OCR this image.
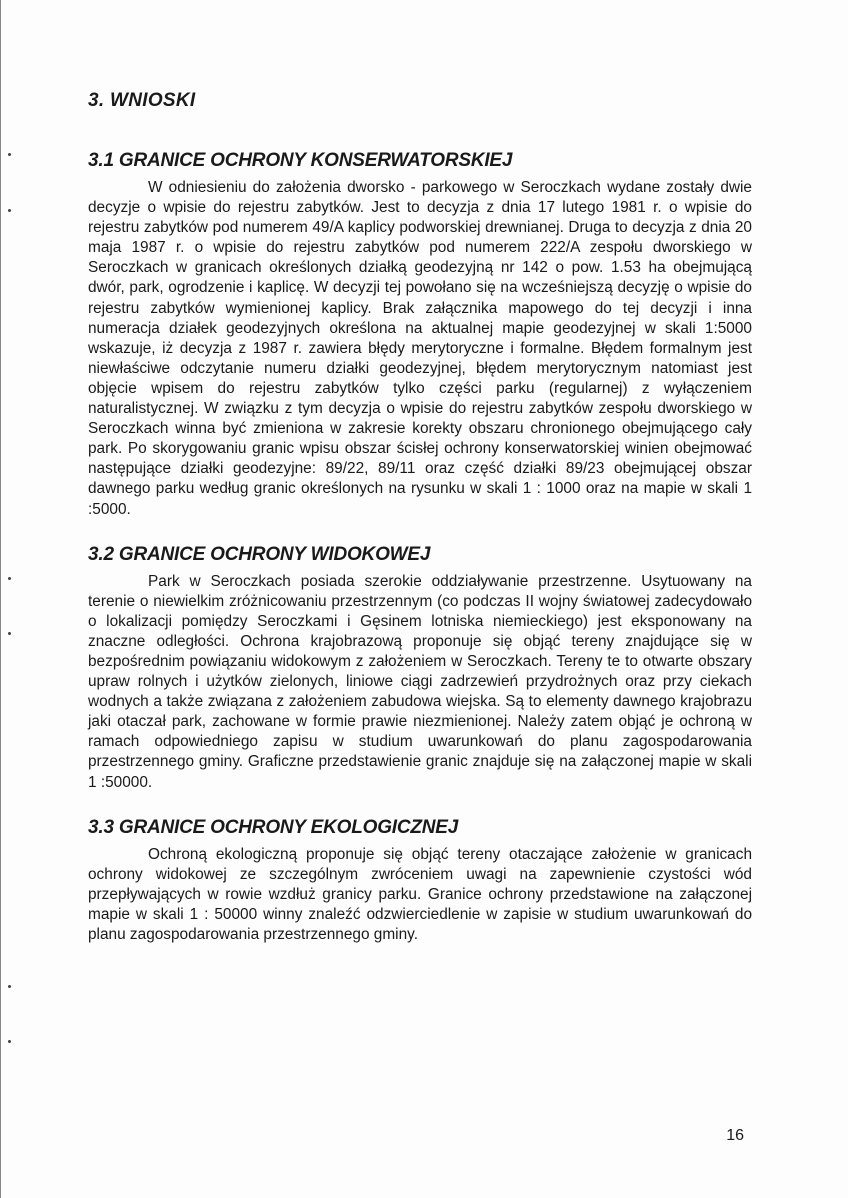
3. WNIOSKI
3.1 GRANICE OCHRONY KONSERWATORSKIEJ

W odniesieniu do założenia dworsko - parkowego w Seroczkach wydane zostały dwie decyzje o wpisie do rejestru zabytków. Jest to decyzja z dnia 17 lutego 1981 r. o wpisie do rejestru zabytków pod numerem 49/A kaplicy podworskiej drewnianej. Druga to decyzja z dnia 20 maja 1987 r. o wpisie do rejestru zabytków pod numerem 222/A zespołu dworskiego w Seroczkach w granicach określonych działką geodezyjną nr 142 o pow. 1.53 ha obejmującą dwór, park, ogrodzenie i kaplicę. W decyzji tej powołano się na wcześniejszą decyzję o wpisie do rejestru zabytków wymienionej kaplicy. Brak załącznika mapowego do tej decyzji i inna numeracja działek geodezyjnych określona na aktualnej mapie geodezyjnej w skali 1:5000 wskazuje, iż decyzja z 1987 r. zawiera błędy merytoryczne i formalne. Błędem formalnym jest niewłaściwe odczytanie numeru działki geodezyjnej, błędem merytorycznym natomiast jest objęcie wpisem do rejestru zabytków tylko części parku (regularnej) z wyłączeniem naturalistycznej. W związku z tym decyzja o wpisie do rejestru zabytków zespołu dworskiego w Seroczkach winna być zmieniona w zakresie korekty obszaru chronionego obejmującego cały park. Po skorygowaniu granic wpisu obszar ścisłej ochrony konserwatorskiej winien obejmować następujące działki geodezyjne: 89/22, 89/11 oraz część działki 89/23 obejmującej obszar dawnego parku według granic określonych na rysunku w skali 1 : 1000 oraz na mapie w skali 1 :5000.

3.2 GRANICE OCHRONY WIDOKOWEJ

Park w Seroczkach posiada szerokie oddziaływanie przestrzenne. Usytuowany na terenie o niewielkim zróżnicowaniu przestrzennym (co podczas II wojny światowej zadecydowało o lokalizacji pomiędzy Seroczkami i Gęsinem lotniska niemieckiego) jest eksponowany na znaczne odległości. Ochrona krajobrazową proponuje się objąć tereny znajdujące się w bezpośrednim powiązaniu widokowym z założeniem w Seroczkach. Tereny te to otwarte obszary upraw rolnych i użytków zielonych, liniowe ciągi zadrzewień przydrożnych oraz przy ciekach wodnych a także związana z założeniem zabudowa wiejska. Są to elementy dawnego krajobrazu jaki otaczał park, zachowane w formie prawie niezmienionej. Należy zatem objąć je ochroną w ramach odpowiedniego zapisu w studium uwarunkowań do planu zagospodarowania przestrzennego gminy. Graficzne przedstawienie granic znajduje się na załączonej mapie w skali 1 :50000.

3.3 GRANICE OCHRONY EKOLOGICZNEJ

Ochroną ekologiczną proponuje się objąć tereny otaczające założenie w granicach ochrony widokowej ze szczególnym zwróceniem uwagi na zapewnienie czystości wód przepływających w rowie wzdłuż granicy parku. Granice ochrony przedstawione na załączonej mapie w skali 1 : 50000 winny znaleźć odzwierciedlenie w zapisie w studium uwarunkowań do planu zagospodarowania przestrzennego gminy.

16
